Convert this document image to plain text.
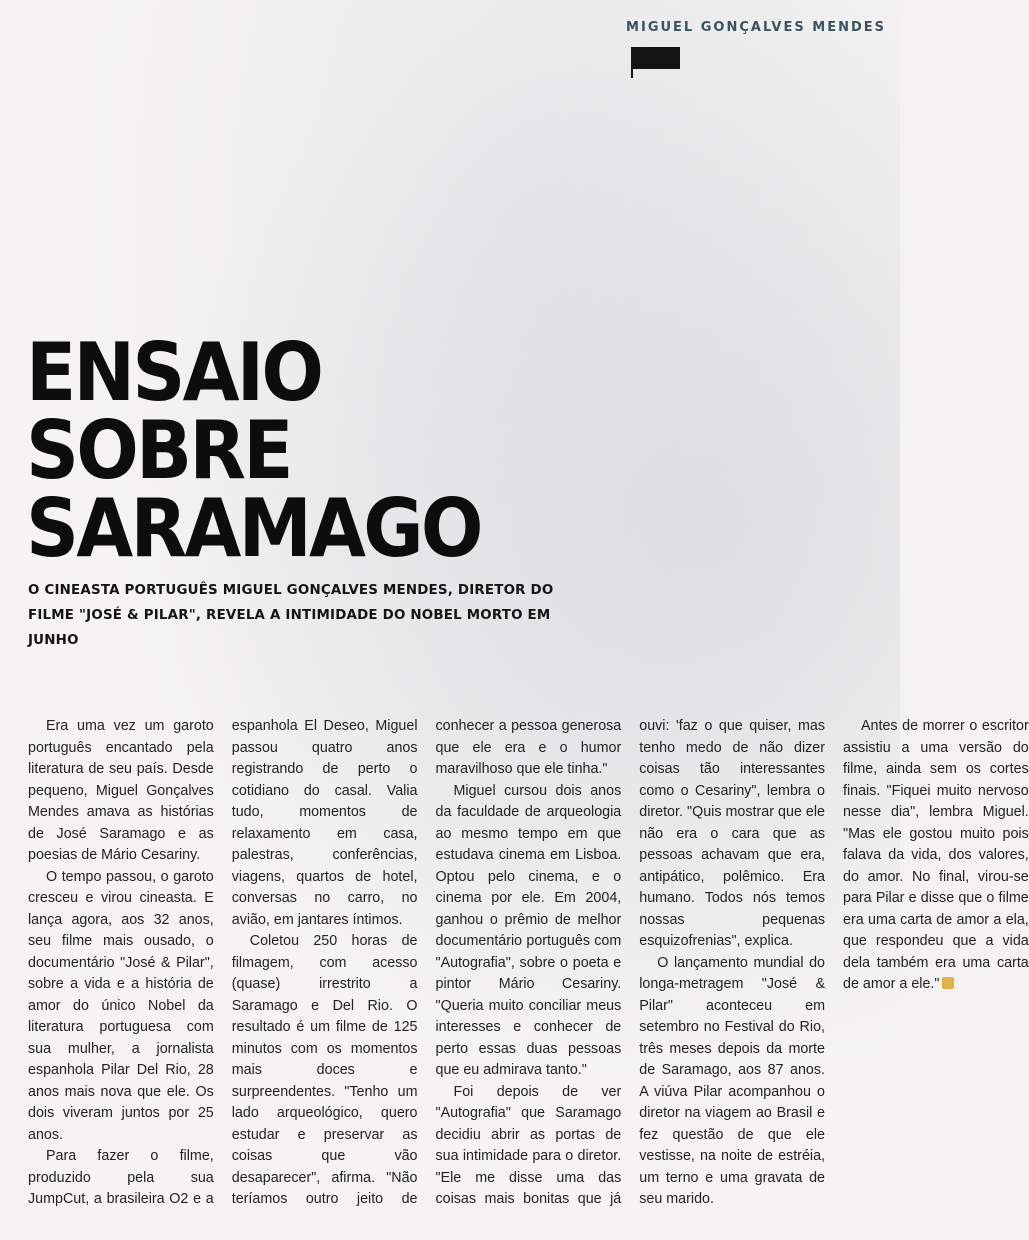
MIGUEL GONÇALVES MENDES
ENSAIO
SOBRE
SARAMAGO

O CINEASTA PORTUGUÊS MIGUEL GONÇALVES MENDES, DIRETOR DO FILME "JOSÉ & PILAR", REVELA A INTIMIDADE DO NOBEL MORTO EM JUNHO

Era uma vez um garoto português encantado pela literatura de seu país. Desde pequeno, Miguel Gonçalves Mendes amava as histórias de José Saramago e as poesias de Mário Cesariny.

O tempo passou, o garoto cresceu e virou cineasta. E lança agora, aos 32 anos, seu filme mais ousado, o documentário "José & Pilar", sobre a vida e a história de amor do único Nobel da literatura portuguesa com sua mulher, a jornalista espanhola Pilar Del Rio, 28 anos mais nova que ele. Os dois viveram juntos por 25 anos.

Para fazer o filme, produzido pela sua JumpCut, a brasileira O2 e a espanhola El Deseo, Miguel passou quatro anos registrando de perto o cotidiano do casal. Valia tudo, momentos de relaxamento em casa, palestras, conferências, viagens, quartos de hotel, conversas no carro, no avião, em jantares íntimos.

Coletou 250 horas de filmagem, com acesso (quase) irrestrito a Saramago e Del Rio. O resultado é um filme de 125 minutos com os momentos mais doces e surpreendentes. "Tenho um lado arqueológico, quero estudar e preservar as coisas que vão desaparecer", afirma. "Não teríamos outro jeito de conhecer a pessoa generosa que ele era e o humor maravilhoso que ele tinha."

Miguel cursou dois anos da faculdade de arqueologia ao mesmo tempo em que estudava cinema em Lisboa. Optou pelo cinema, e o cinema por ele. Em 2004, ganhou o prêmio de melhor documentário português com "Autografia", sobre o poeta e pintor Mário Cesariny. "Queria muito conciliar meus interesses e conhecer de perto essas duas pessoas que eu admirava tanto."

Foi depois de ver "Autografia" que Saramago decidiu abrir as portas de sua intimidade para o diretor. "Ele me disse uma das coisas mais bonitas que já ouvi: 'faz o que quiser, mas tenho medo de não dizer coisas tão interessantes como o Cesariny", lembra o diretor. "Quis mostrar que ele não era o cara que as pessoas achavam que era, antipático, polêmico. Era humano. Todos nós temos nossas pequenas esquizofrenias", explica.

O lançamento mundial do longa-metragem "José & Pilar" aconteceu em setembro no Festival do Rio, três meses depois da morte de Saramago, aos 87 anos. A viúva Pilar acompanhou o diretor na viagem ao Brasil e fez questão de que ele vestisse, na noite de estréia, um terno e uma gravata de seu marido.

Antes de morrer o escritor assistiu a uma versão do filme, ainda sem os cortes finais. "Fiquei muito nervoso nesse dia", lembra Miguel. "Mas ele gostou muito pois falava da vida, dos valores, do amor. No final, virou-se para Pilar e disse que o filme era uma carta de amor a ela, que respondeu que a vida dela também era uma carta de amor a ele."
